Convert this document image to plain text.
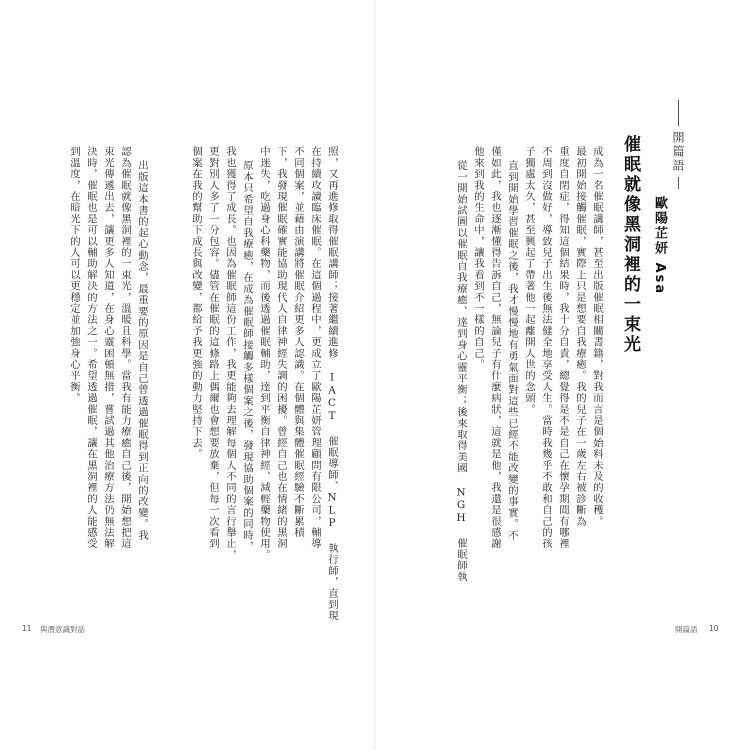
開篇語
歐陽芷妍 Asa
催眠就像黑洞裡的一束光
成為一名催眠講師，甚至出版催眠相關書籍，對我而言是個始料未及的收穫。
最初開始接觸催眠，實際上只是想要自我療癒。我的兒子在一歲左右被診斷為
重度自閉症，得知這個結果時，我十分自責，總覺得是不是自己在懷孕期間有哪裡
不周到沒做好，導致兒子出生後無法健全地享受人生。當時我幾乎不敢和自己的孩
子獨處太久，甚至興起了帶著他一起離開人世的念頭。
直到開始學習催眠之後，我才慢慢地有勇氣面對這些已經不能改變的事實。不
僅如此，我也逐漸懂得告訴自己，無論兒子有什麼病狀，這就是他，我還是很感謝
他來到我的生命中，讓我看到不一樣的自己。
從一開始試圖以催眠自我療癒、達到身心靈平衡；後來取得美國 NGH 催眠師執
照，又再進修取得催眠講師；接著繼續進修 IACT 催眠導師、NLP 執行師，直到現
在持續攻讀臨床催眠。在這個過程中，更成立了歐陽芷妍管理顧問有限公司，輔導
不同個案，並藉由演講將催眠介紹更多人認識。在個體與集體催眠經驗不斷累積
下，我發現催眠確實能協助現代人自律神經失調的困擾。曾經自己也在情緒的黑洞
中迷失，吃過身心科藥物，而後透過催眠輔助，達到平衡自律神經、減輕藥物使用。
原本只希望自我療癒，在成為催眠師接觸多樣個案之後，發現協助個案的同時，
我也獲得了成長。也因為催眠師這份工作，我更能夠去理解每個人不同的言行舉止，
更對別人多了一分包容。儘管在催眠的這條路上偶爾也會想要放棄，但每一次看到
個案在我的幫助下成長與改變，都給予我更強的動力堅持下去。
出版這本書的起心動念，最重要的原因是自己曾透過催眠得到正向的改變。我
認為催眠就像黑洞裡的一束光，溫暖且科學。當我有能力療癒自己後，開始想把這
束光傳遞出去，讓更多人知道，在身心靈困頓無措，嘗試過其他治療方法仍無法解
決時，催眠也是可以輔助解決的方法之一。希望透過催眠，讓在黑洞裡的人能感受
到溫度，在暗光下的人可以更穩定並加強身心平衡。
11 與潛意識對話	開篇語 10
